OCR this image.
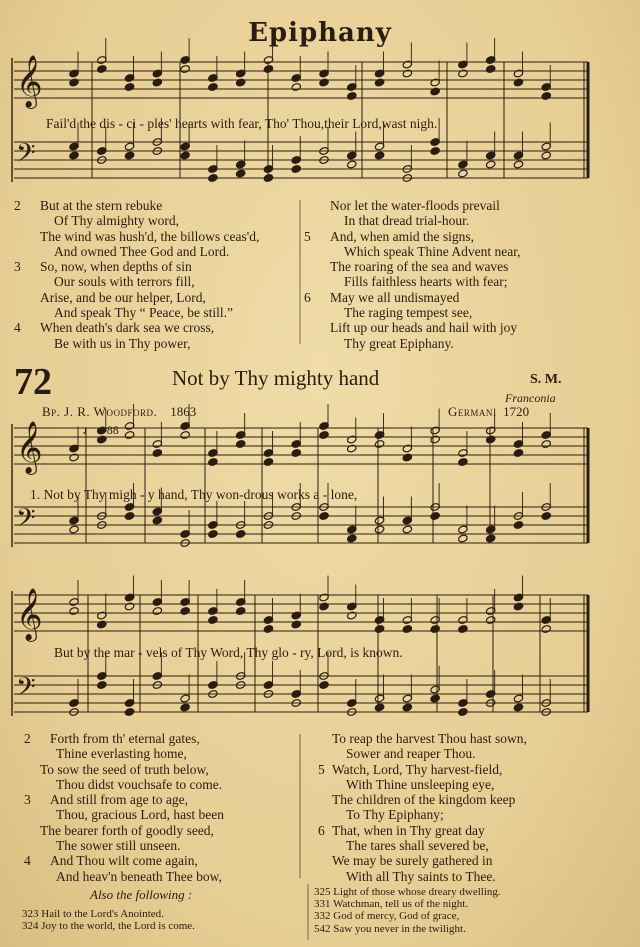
𝄞
𝄢
𝄞
𝄢
𝄞
𝄢
Epiphany
Fail'd the dis - ci - ples' hearts with fear, Tho' Thou,their Lord,wast nigh.
2 But at the stern rebuke
Of Thy almighty word,
The wind was hush'd, the billows ceas'd,
And owned Thee God and Lord.
3 So, now, when depths of sin
Our souls with terrors fill,
Arise, and be our helper, Lord,
And speak Thy “ Peace, be still.”
4 When death's dark sea we cross,
Be with us in Thy power,
Nor let the water-floods prevail
In that dread trial-hour.
5 And, when amid the signs,
Which speak Thine Advent near,
The roaring of the sea and waves
Fills faithless hearts with fear;
6 May we all undismayed
The raging tempest see,
Lift up our heads and hail with joy
Thy great Epiphany.
72	Not by Thy mighty hand	S. M.
Franconia
Bp. J. R. Woodford. 1863	German. 1720
♩ = 88
1. Not by Thy migh - y hand, Thy won-drous works a - lone,
But by the mar - vels of Thy Word, Thy glo - ry, Lord, is known.
2 Forth from th' eternal gates,
Thine everlasting home,
To sow the seed of truth below,
Thou didst vouchsafe to come.
3 And still from age to age,
Thou, gracious Lord, hast been
The bearer forth of goodly seed,
The sower still unseen.
4 And Thou wilt come again,
And heav'n beneath Thee bow,
To reap the harvest Thou hast sown,
Sower and reaper Thou.
5 Watch, Lord, Thy harvest-field,
With Thine unsleeping eye,
The children of the kingdom keep
To Thy Epiphany;
6 That, when in Thy great day
The tares shall severed be,
We may be surely gathered in
With all Thy saints to Thee.
Also the following :
323 Hail to the Lord's Anointed.
324 Joy to the world, the Lord is come.
325 Light of those whose dreary dwelling.
331 Watchman, tell us of the night.
332 God of mercy, God of grace,
542 Saw you never in the twilight.
